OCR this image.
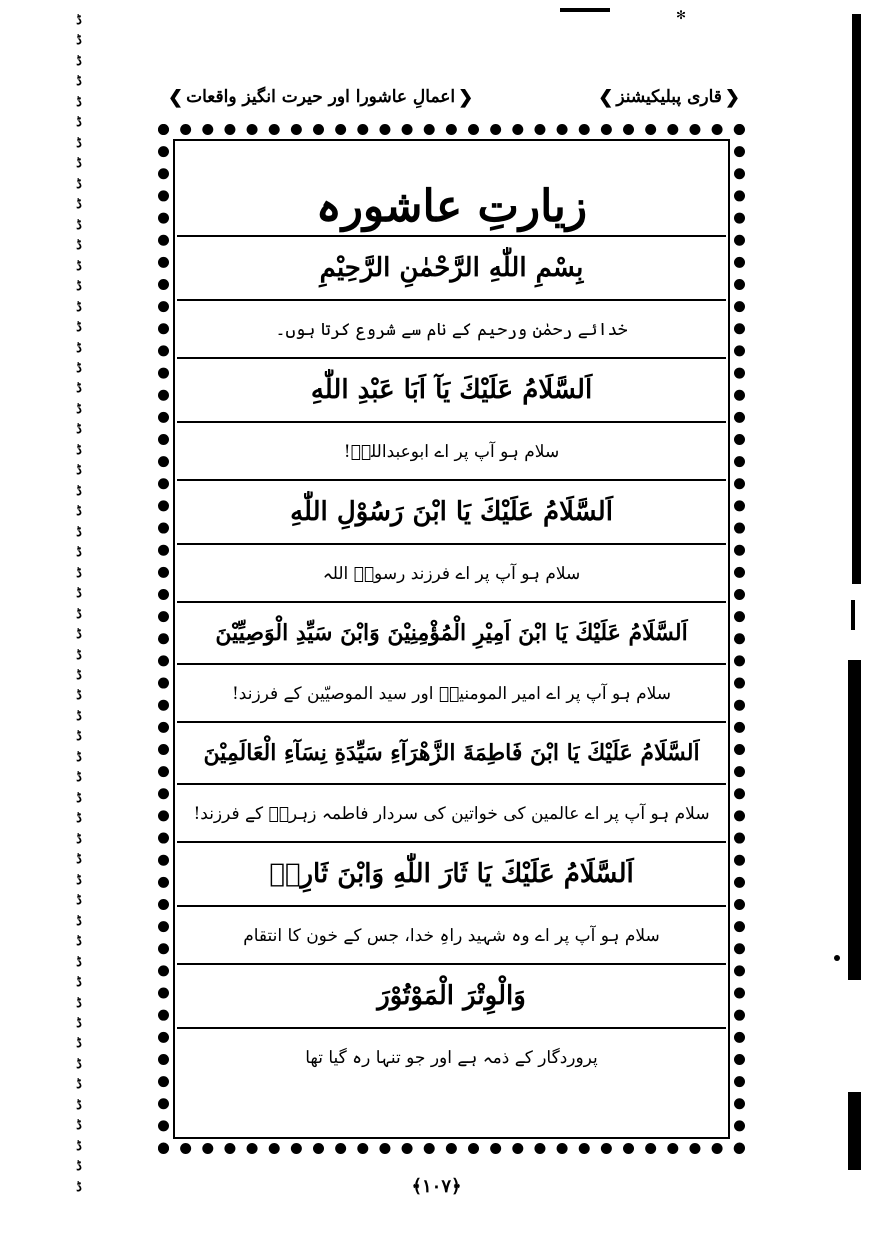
✻
ڈ
ڈ
ڈ
ڈ
ڈ
ڈ
ڈ
ڈ
ڈ
ڈ
ڈ
ڈ
ڈ
ڈ
ڈ
ڈ
ڈ
ڈ
ڈ
ڈ
ڈ
ڈ
ڈ
ڈ
ڈ
ڈ
ڈ
ڈ
ڈ
ڈ
ڈ
ڈ
ڈ
ڈ
ڈ
ڈ
ڈ
ڈ
ڈ
ڈ
ڈ
ڈ
ڈ
ڈ
ڈ
ڈ
ڈ
ڈ
ڈ
ڈ
ڈ
ڈ
ڈ
ڈ
ڈ
ڈ
ڈ
ڈ
❮
اعمالِ عاشورا اور حیرت انگیز واقعات
❯	❮
قاری پبلیکیشنز
❯
زیارتِ عاشورہ
بِسْمِ اللّٰهِ الرَّحْمٰنِ الرَّحِيْمِ
خدائے رحمٰن ورحیم کے نام سے شروع کرتا ہوں۔
اَلسَّلَامُ عَلَيْكَ يَآ اَبَا عَبْدِ اللّٰهِ
سلام ہو آپ پر اے ابوعبداللہؑ!
اَلسَّلَامُ عَلَيْكَ يَا ابْنَ رَسُوْلِ اللّٰهِ
سلام ہو آپ پر اے فرزند رسولؐ اللہ
اَلسَّلَامُ عَلَيْكَ يَا ابْنَ اَمِيْرِ الْمُؤْمِنِيْنَ وَابْنَ سَيِّدِ الْوَصِيِّيْنَ
سلام ہو آپ پر اے امیر المومنینؑ اور سید الموصیّین کے فرزند!
اَلسَّلَامُ عَلَيْكَ يَا ابْنَ فَاطِمَةَ الزَّهْرَآءِ سَيِّدَةِ نِسَآءِ الْعَالَمِيْنَ
سلام ہو آپ پر اے عالمین کی خواتین کی سردار فاطمہ زہراؑ کے فرزند!
اَلسَّلَامُ عَلَيْكَ يَا ثَارَ اللّٰهِ وَابْنَ ثَارِهٖ
سلام ہو آپ پر اے وہ شہید راہِ خدا، جس کے خون کا انتقام
وَالْوِتْرَ الْمَوْتُوْرَ
پروردگار کے ذمہ ہے اور جو تنہا رہ گیا تھا
﴿۱۰۷﴾
